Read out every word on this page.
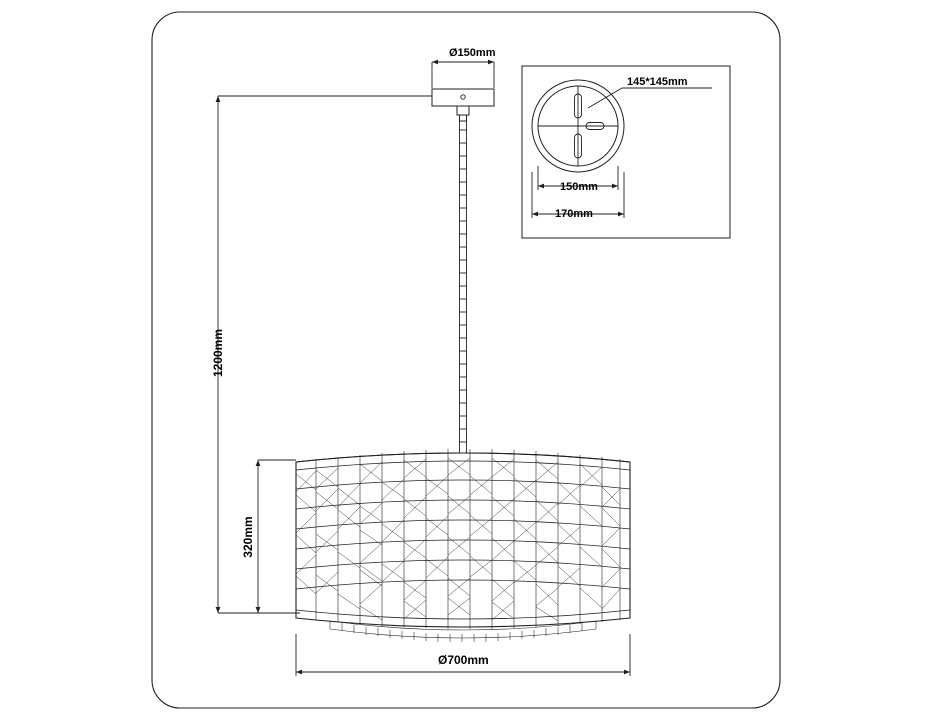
Ø150mm
145*145mm
150mm
170mm
1200mm
320mm
Ø700mm
